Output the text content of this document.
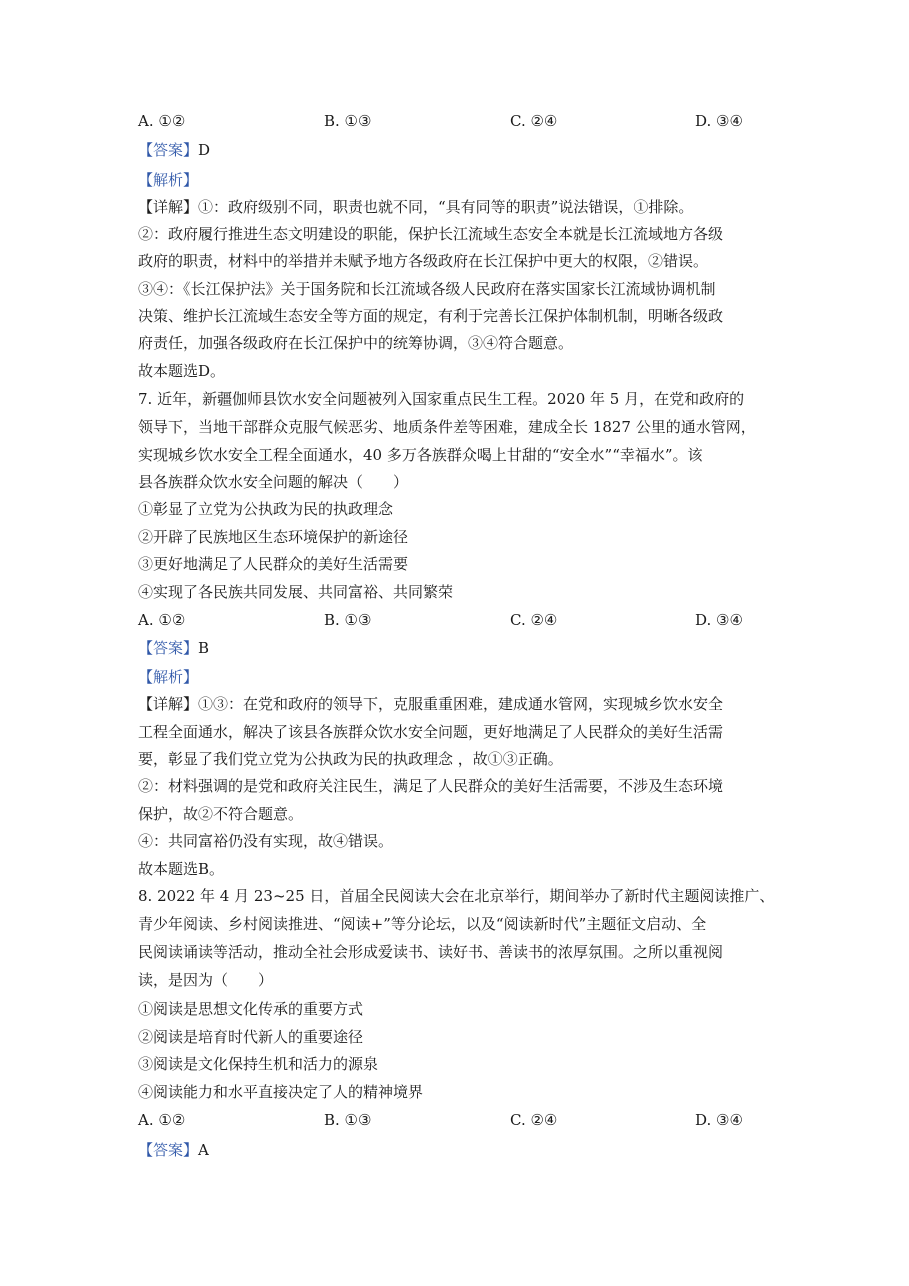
A. ①②	B. ①③	C. ②④	D. ③④
【答案】D
【解析】
【详解】①：政府级别不同，职责也就不同，“具有同等的职责”说法错误，①排除。
②：政府履行推进生态文明建设的职能，保护长江流域生态安全本就是长江流域地方各级
政府的职责，材料中的举措并未赋予地方各级政府在长江保护中更大的权限，②错误。
③④：《长江保护法》关于国务院和长江流域各级人民政府在落实国家长江流域协调机制
决策、维护长江流域生态安全等方面的规定，有利于完善长江保护体制机制，明晰各级政
府责任，加强各级政府在长江保护中的统筹协调，③④符合题意。
故本题选D。
7. 近年，新疆伽师县饮水安全问题被列入国家重点民生工程。2020 年 5 月，在党和政府的
领导下，当地干部群众克服气候恶劣、地质条件差等困难，建成全长 1827 公里的通水管网，
实现城乡饮水安全工程全面通水，40 多万各族群众喝上甘甜的“安全水”“幸福水”。该
县各族群众饮水安全问题的解决（　　）
①彰显了立党为公执政为民的执政理念
②开辟了民族地区生态环境保护的新途径
③更好地满足了人民群众的美好生活需要
④实现了各民族共同发展、共同富裕、共同繁荣
A. ①②	B. ①③	C. ②④	D. ③④
【答案】B
【解析】
【详解】①③：在党和政府的领导下，克服重重困难，建成通水管网，实现城乡饮水安全
工程全面通水，解决了该县各族群众饮水安全问题，更好地满足了人民群众的美好生活需
要，彰显了我们党立党为公执政为民的执政理念 ，故①③正确。
②：材料强调的是党和政府关注民生，满足了人民群众的美好生活需要，不涉及生态环境
保护，故②不符合题意。
④：共同富裕仍没有实现，故④错误。
故本题选B。
8. 2022 年 4 月 23~25 日，首届全民阅读大会在北京举行，期间举办了新时代主题阅读推广、
青少年阅读、乡村阅读推进、“阅读+”等分论坛，以及“阅读新时代”主题征文启动、全
民阅读诵读等活动，推动全社会形成爱读书、读好书、善读书的浓厚氛围。之所以重视阅
读，是因为（　　）
①阅读是思想文化传承的重要方式
②阅读是培育时代新人的重要途径
③阅读是文化保持生机和活力的源泉
④阅读能力和水平直接决定了人的精神境界
A. ①②	B. ①③	C. ②④	D. ③④
【答案】A
